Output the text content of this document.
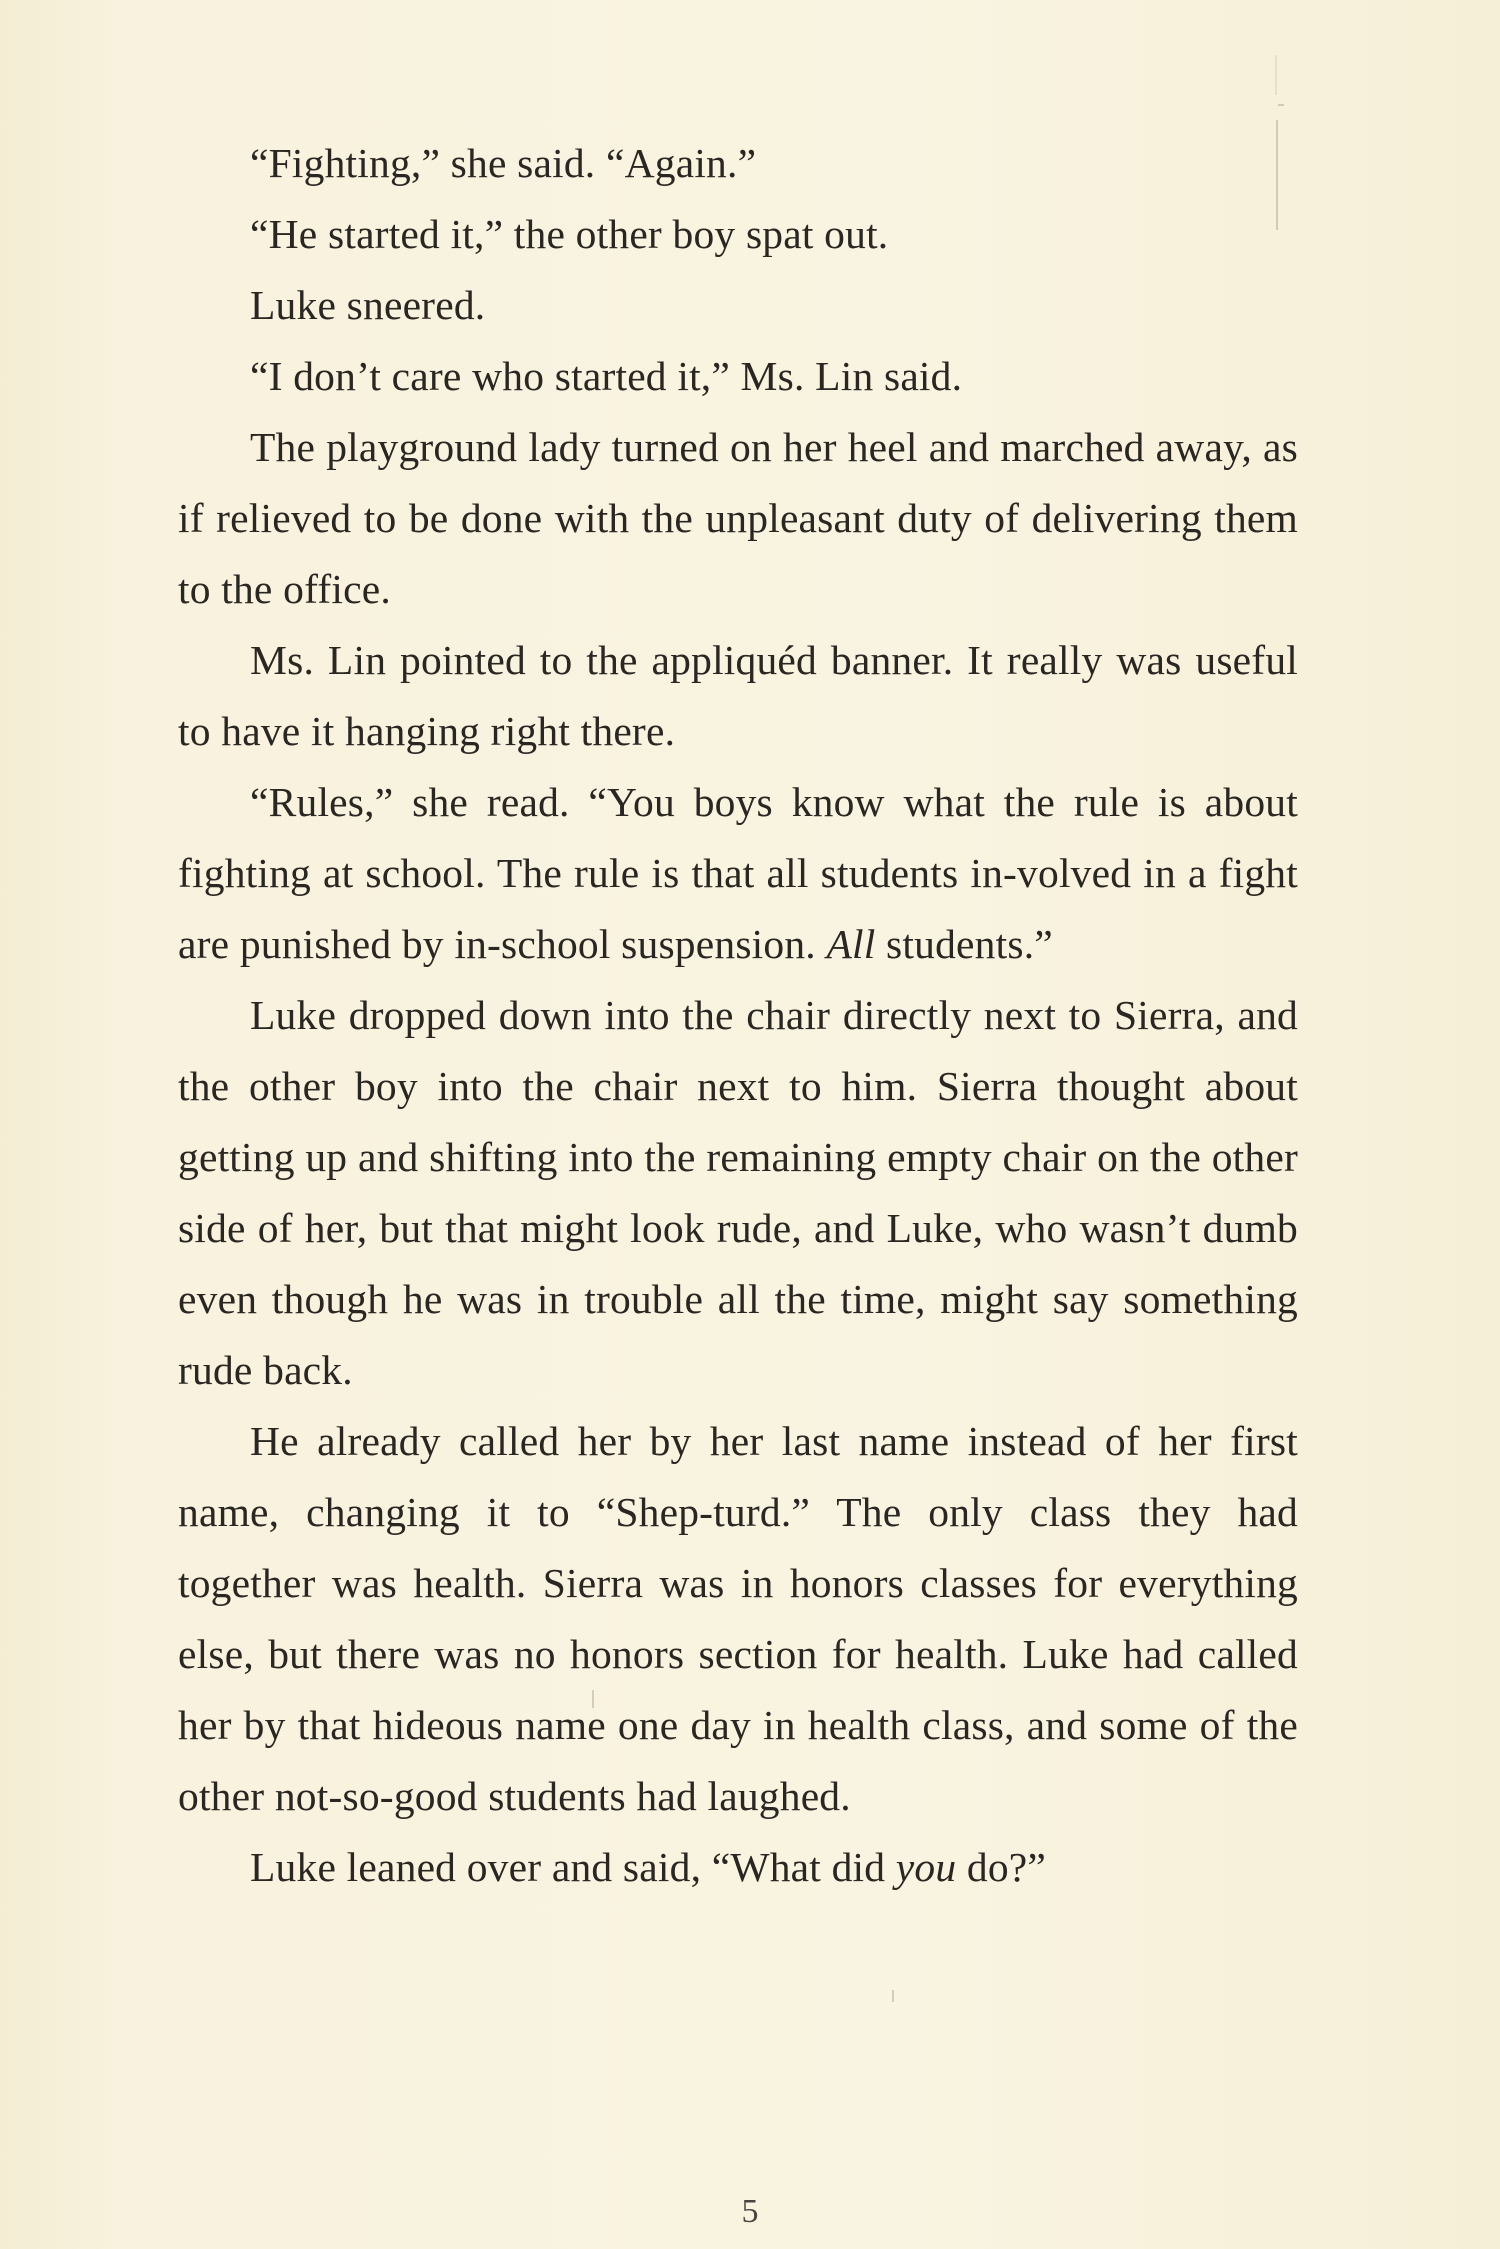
“Fighting,” she said. “Again.”

“He started it,” the other boy spat out.

Luke sneered.

“I don’t care who started it,” Ms. Lin said.

The playground lady turned on her heel and marched away, as if relieved to be done with the unpleasant duty of delivering them to the office.

Ms. Lin pointed to the appliquéd banner. It really was useful to have it hanging right there.

“Rules,” she read. “You boys know what the rule is about fighting at school. The rule is that all students in-volved in a fight are punished by in-school suspension. All students.”

Luke dropped down into the chair directly next to Sierra, and the other boy into the chair next to him. Sierra thought about getting up and shifting into the remaining empty chair on the other side of her, but that might look rude, and Luke, who wasn’t dumb even though he was in trouble all the time, might say something rude back.

He already called her by her last name instead of her first name, changing it to “Shep-turd.” The only class they had together was health. Sierra was in honors classes for everything else, but there was no honors section for health. Luke had called her by that hideous name one day in health class, and some of the other not-so-good students had laughed.

Luke leaned over and said, “What did you do?”

5
